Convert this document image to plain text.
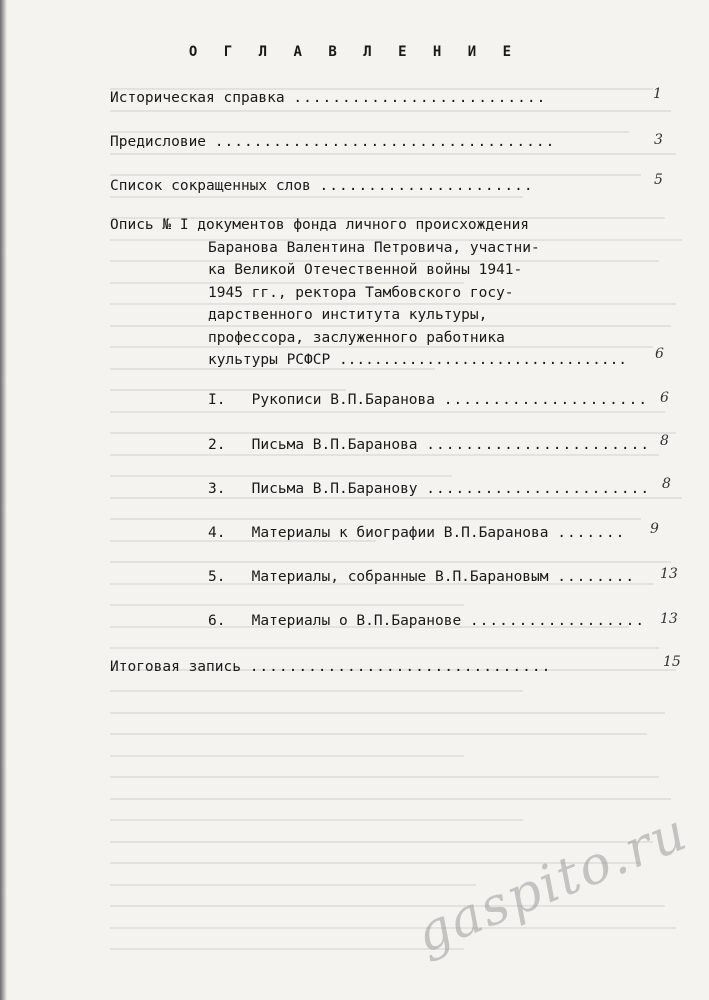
О Г Л А В Л Е Н И Е
Историческая справка ..........................	1
Предисловие ...................................	3
Список сокращенных слов ......................	5
Опись № I документов фонда личного происхождения
Баранова Валентина Петровича, участни-
ка Великой Отечественной войны 1941-
1945 гг., ректора Тамбовского госу-
дарственного института культуры,
профессора, заслуженного работника
культуры РСФСР .................................	6
I. Рукописи В.П.Баранова ..................... 6
2. Письма В.П.Баранова ....................... 8
3. Письма В.П.Баранову ....................... 8
4. Материалы к биографии В.П.Баранова ....... 9
5. Материалы, собранные В.П.Барановым ........ 13
6. Материалы о В.П.Баранове .................. 13
Итоговая запись ...............................	15
gaspito.ru
